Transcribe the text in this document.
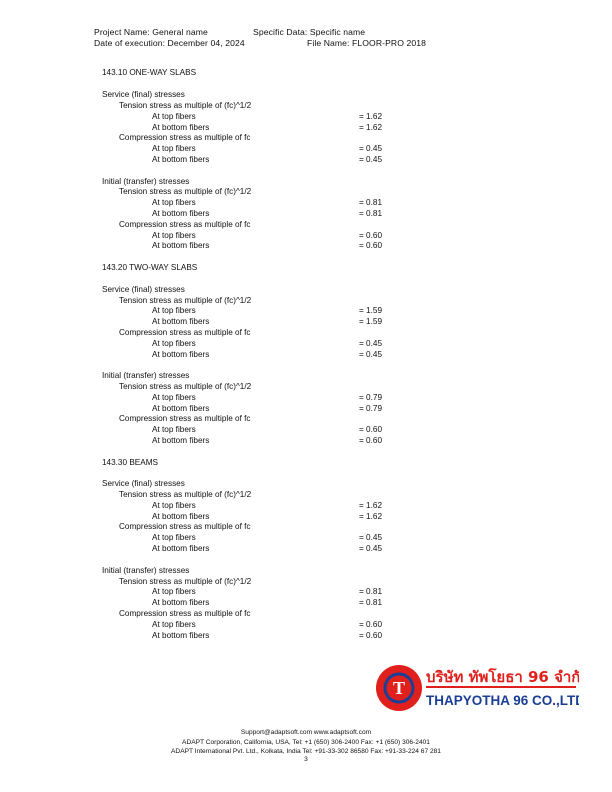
Project Name: General name	Specific Data: Specific name
Date of execution: December 04, 2024	File Name: FLOOR-PRO 2018
143.10 ONE-WAY SLABS
Service (final) stresses
Tension stress as multiple of (fc)^1/2
At top fibers	= 1.62
At bottom fibers	= 1.62
Compression stress as multiple of fc
At top fibers	= 0.45
At bottom fibers	= 0.45
Initial (transfer) stresses
Tension stress as multiple of (fc)^1/2
At top fibers	= 0.81
At bottom fibers	= 0.81
Compression stress as multiple of fc
At top fibers	= 0.60
At bottom fibers	= 0.60
143.20 TWO-WAY SLABS
Service (final) stresses
Tension stress as multiple of (fc)^1/2
At top fibers	= 1.59
At bottom fibers	= 1.59
Compression stress as multiple of fc
At top fibers	= 0.45
At bottom fibers	= 0.45
Initial (transfer) stresses
Tension stress as multiple of (fc)^1/2
At top fibers	= 0.79
At bottom fibers	= 0.79
Compression stress as multiple of fc
At top fibers	= 0.60
At bottom fibers	= 0.60
143.30 BEAMS
Service (final) stresses
Tension stress as multiple of (fc)^1/2
At top fibers	= 1.62
At bottom fibers	= 1.62
Compression stress as multiple of fc
At top fibers	= 0.45
At bottom fibers	= 0.45
Initial (transfer) stresses
Tension stress as multiple of (fc)^1/2
At top fibers	= 0.81
At bottom fibers	= 0.81
Compression stress as multiple of fc
At top fibers	= 0.60
At bottom fibers	= 0.60
T
บริษัท ทัพโยธา 96 จำกัด
THAPYOTHA 96 CO.,LTD.
Support@adaptsoft.com www.adaptsoft.com
ADAPT Corporation, California, USA, Tel: +1 (650) 306-2400 Fax: +1 (650) 306-2401
ADAPT International Pvt. Ltd., Kolkata, India Tel: +91-33-302 86580 Fax: +91-33-224 67 281
3
